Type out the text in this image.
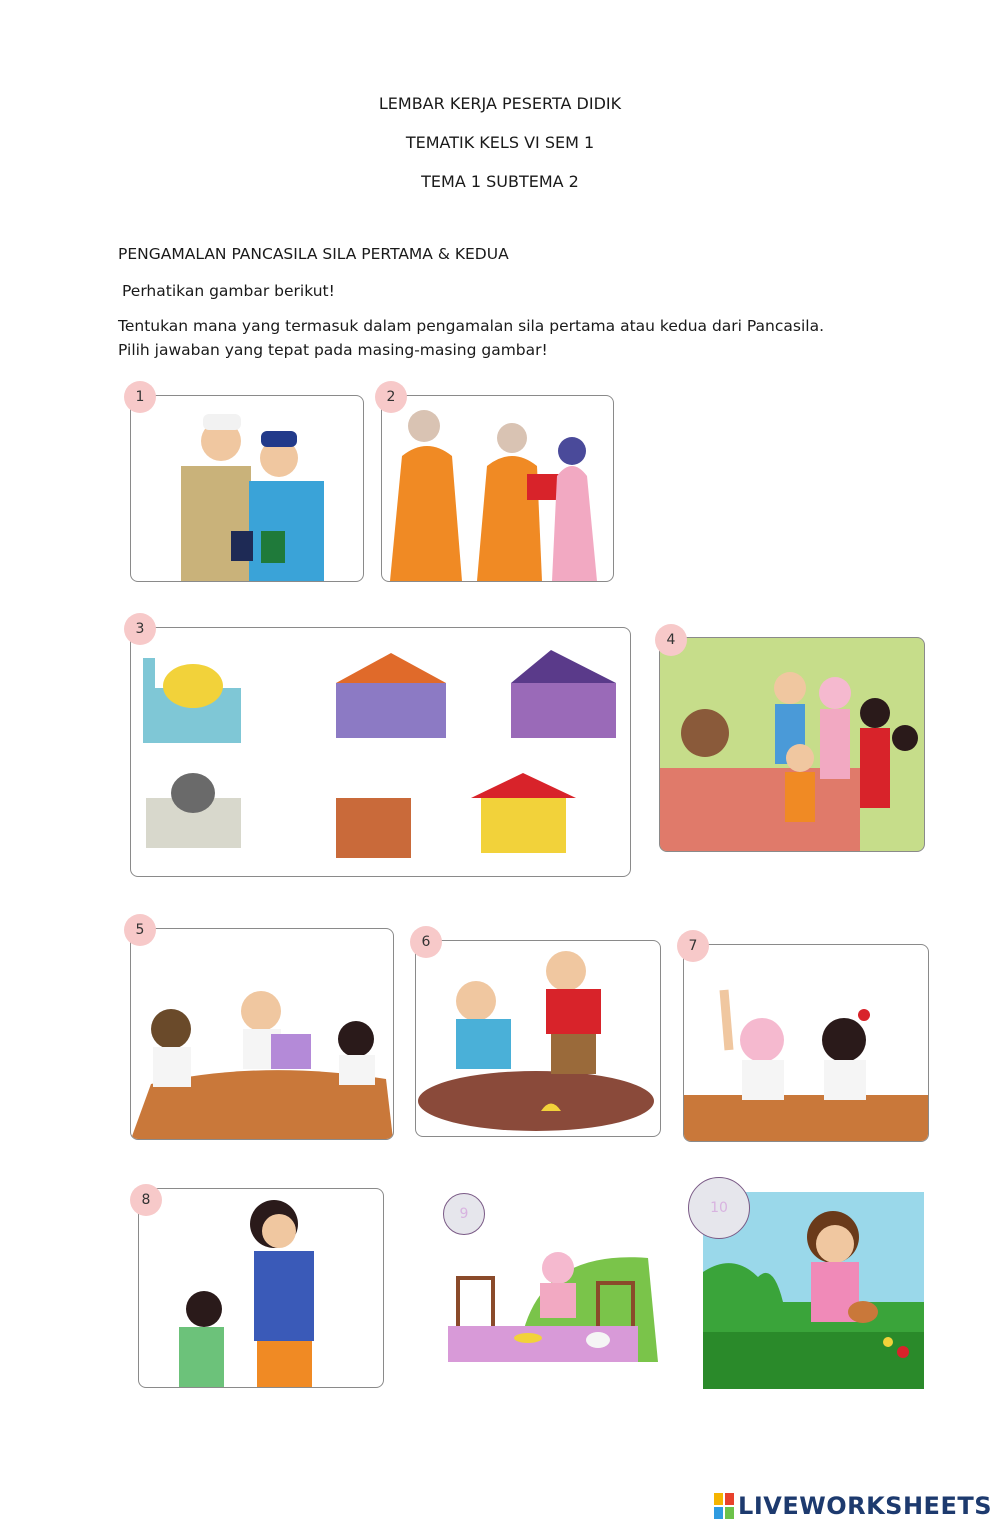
LEMBAR KERJA PESERTA DIDIK
TEMATIK KELS VI SEM 1
TEMA 1 SUBTEMA 2
PENGAMALAN PANCASILA SILA PERTAMA & KEDUA
Perhatikan gambar berikut!
Tentukan mana yang termasuk dalam pengamalan sila pertama atau kedua dari Pancasila.
Pilih jawaban yang tepat pada masing-masing gambar!
1	2
3
4
5
6	7
8
9	10
LIVEWORKSHEETS
